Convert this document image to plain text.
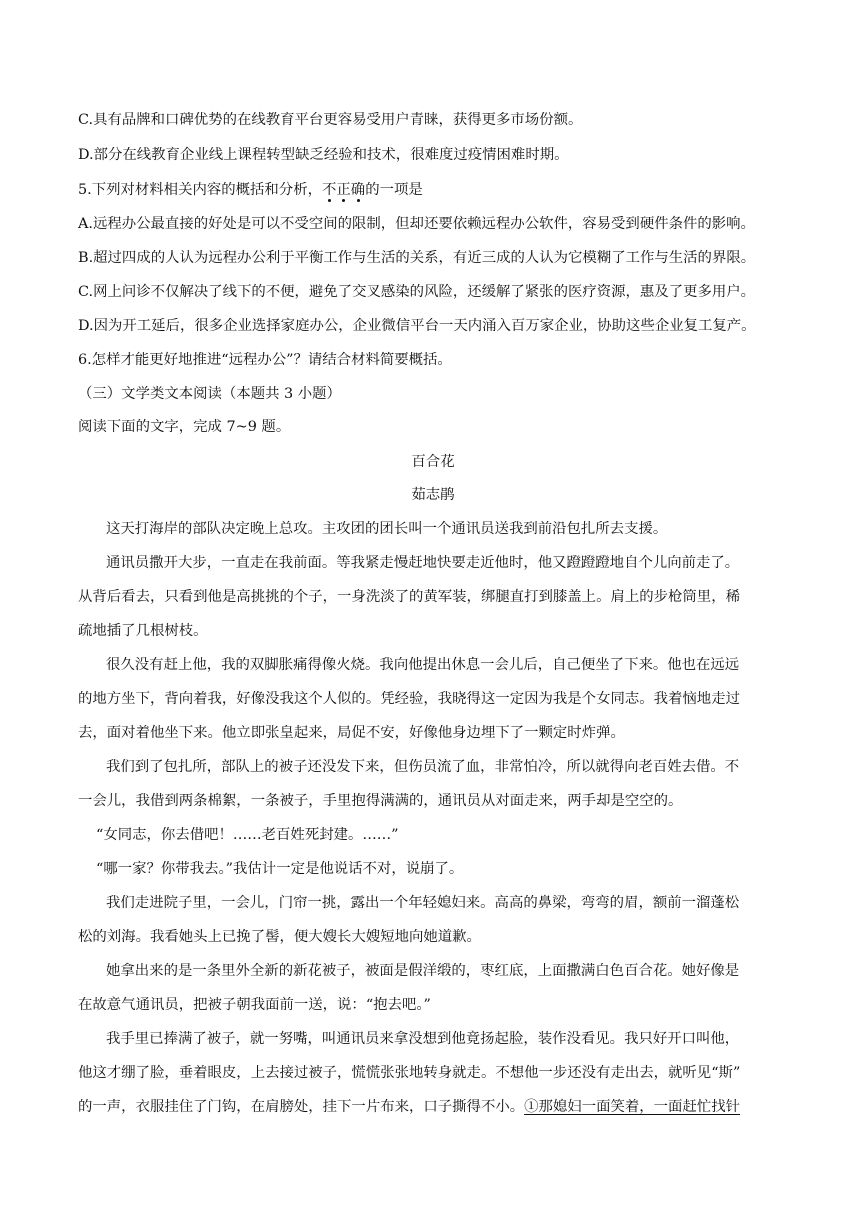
C.具有品牌和口碑优势的在线教育平台更容易受用户青睐，获得更多市场份额。
D.部分在线教育企业线上课程转型缺乏经验和技术，很难度过疫情困难时期。
5.下列对材料相关内容的概括和分析，不正确的一项是
A.远程办公最直接的好处是可以不受空间的限制，但却还要依赖远程办公软件，容易受到硬件条件的影响。
B.超过四成的人认为远程办公利于平衡工作与生活的关系，有近三成的人认为它模糊了工作与生活的界限。
C.网上问诊不仅解决了线下的不便，避免了交叉感染的风险，还缓解了紧张的医疗资源，惠及了更多用户。
D.因为开工延后，很多企业选择家庭办公，企业微信平台一天内涌入百万家企业，协助这些企业复工复产。
6.怎样才能更好地推进“远程办公”？请结合材料简要概括。
（三）文学类文本阅读（本题共 3 小题）
阅读下面的文字，完成 7~9 题。
百合花
茹志鹃
这天打海岸的部队决定晚上总攻。主攻团的团长叫一个通讯员送我到前沿包扎所去支援。
通讯员撒开大步，一直走在我前面。等我紧走慢赶地快要走近他时，他又蹬蹬蹬地自个儿向前走了。
从背后看去，只看到他是高挑挑的个子，一身洗淡了的黄军装，绑腿直打到膝盖上。肩上的步枪筒里，稀
疏地插了几根树枝。
很久没有赶上他，我的双脚胀痛得像火烧。我向他提出休息一会儿后，自己便坐了下来。他也在远远
的地方坐下，背向着我，好像没我这个人似的。凭经验，我晓得这一定因为我是个女同志。我着恼地走过
去，面对着他坐下来。他立即张皇起来，局促不安，好像他身边埋下了一颗定时炸弹。
我们到了包扎所，部队上的被子还没发下来，但伤员流了血，非常怕冷，所以就得向老百姓去借。不
一会儿，我借到两条棉絮，一条被子，手里抱得满满的，通讯员从对面走来，两手却是空空的。
“女同志，你去借吧！……老百姓死封建。……”
“哪一家？你带我去。”我估计一定是他说话不对，说崩了。
我们走进院子里，一会儿，门帘一挑，露出一个年轻媳妇来。高高的鼻梁，弯弯的眉，额前一溜蓬松
松的刘海。我看她头上已挽了髻，便大嫂长大嫂短地向她道歉。
她拿出来的是一条里外全新的新花被子，被面是假洋缎的，枣红底，上面撒满白色百合花。她好像是
在故意气通讯员，把被子朝我面前一送，说：“抱去吧。”
我手里已捧满了被子，就一努嘴，叫通讯员来拿没想到他竟扬起脸，装作没看见。我只好开口叫他，
他这才绷了脸，垂着眼皮，上去接过被子，慌慌张张地转身就走。不想他一步还没有走出去，就听见“斯”
的一声，衣服挂住了门钩，在肩膀处，挂下一片布来，口子撕得不小。①那媳妇一面笑着，一面赶忙找针
